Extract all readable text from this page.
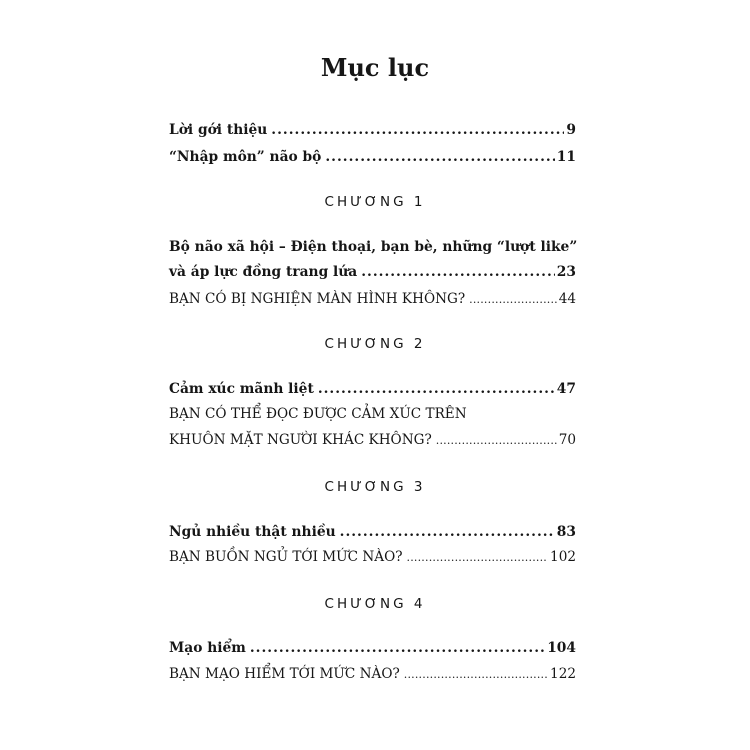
Mục lục
Lời gới thiệu .....	9
“Nhập môn” não bộ .....	11
CHƯƠNG 1
Bộ não xã hội – Điện thoại, bạn bè, những “lượt like”
và áp lực đồng trang lứa .....	23
BẠN CÓ BỊ NGHIỆN MÀN HÌNH KHÔNG? .....	44
CHƯƠNG 2
Cảm xúc mãnh liệt .....	47
BẠN CÓ THỂ ĐỌC ĐƯỢC CẢM XÚC TRÊN
KHUÔN MẶT NGƯỜI KHÁC KHÔNG? .....	70
CHƯƠNG 3
Ngủ nhiều thật nhiều .....	83
BẠN BUỒN NGỦ TỚI MỨC NÀO? .....	102
CHƯƠNG 4
Mạo hiểm .....	104
BẠN MẠO HIỂM TỚI MỨC NÀO? .....	122
